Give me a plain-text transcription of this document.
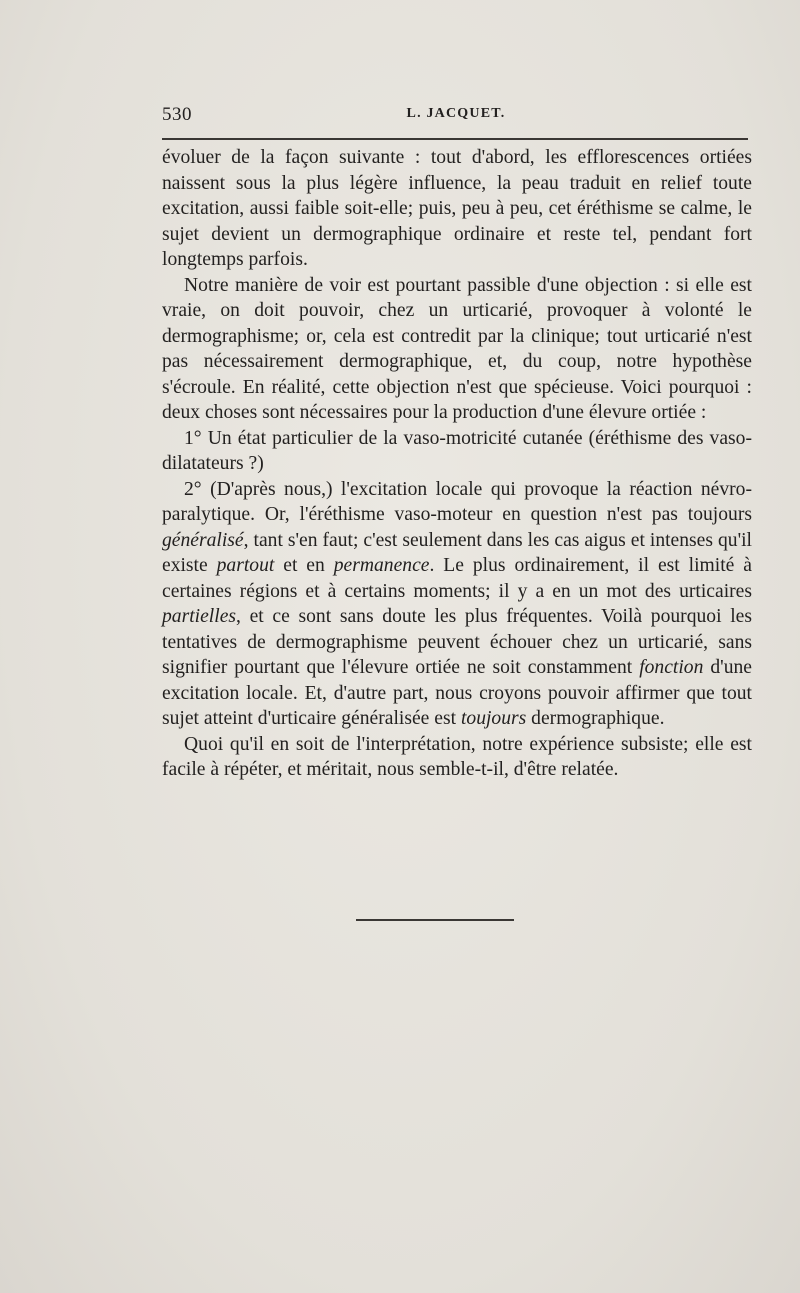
530	L. JACQUET.

évoluer de la façon suivante : tout d'abord, les efflorescences ortiées naissent sous la plus légère influence, la peau traduit en relief toute excitation, aussi faible soit-elle; puis, peu à peu, cet éréthisme se calme, le sujet devient un dermographique ordinaire et reste tel, pendant fort longtemps parfois.

Notre manière de voir est pourtant passible d'une objection : si elle est vraie, on doit pouvoir, chez un urticarié, provoquer à volonté le dermographisme; or, cela est contredit par la clinique; tout urticarié n'est pas nécessairement dermographique, et, du coup, notre hypothèse s'écroule. En réalité, cette objection n'est que spécieuse. Voici pourquoi : deux choses sont nécessaires pour la production d'une élevure ortiée :

1° Un état particulier de la vaso-motricité cutanée (éréthisme des vaso-dilatateurs ?)

2° (D'après nous,) l'excitation locale qui provoque la réaction névro-paralytique. Or, l'éréthisme vaso-moteur en question n'est pas toujours généralisé, tant s'en faut; c'est seulement dans les cas aigus et intenses qu'il existe partout et en permanence. Le plus ordinairement, il est limité à certaines régions et à certains moments; il y a en un mot des urticaires partielles, et ce sont sans doute les plus fréquentes. Voilà pourquoi les tentatives de dermographisme peuvent échouer chez un urticarié, sans signifier pourtant que l'élevure ortiée ne soit constamment fonction d'une excitation locale. Et, d'autre part, nous croyons pouvoir affirmer que tout sujet atteint d'urticaire généralisée est toujours dermographique.

Quoi qu'il en soit de l'interprétation, notre expérience subsiste; elle est facile à répéter, et méritait, nous semble-t-il, d'être relatée.
